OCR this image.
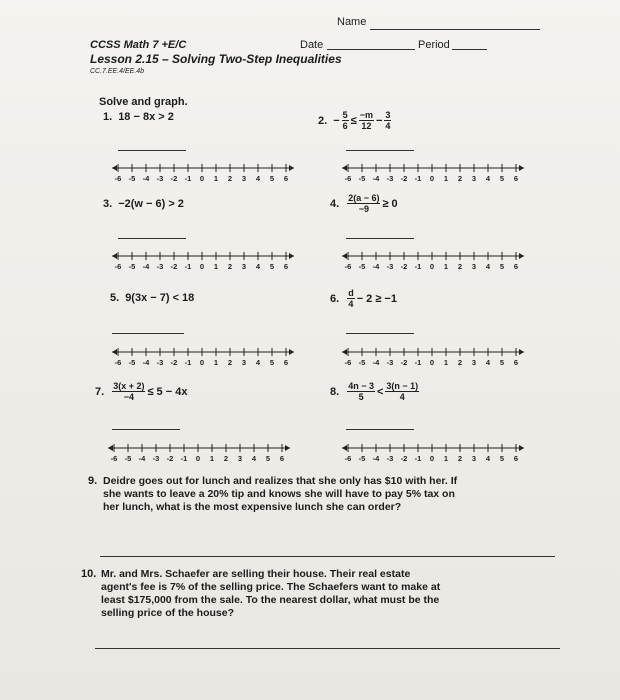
Name
CCSS Math 7 +E/C	Date	Period
Lesson 2.15 – Solving Two-Step Inequalities
CC.7.EE.4/EE.4b
Solve and graph.
1. 18 − 8x > 2	2. − $\frac{5}{6} \le \frac{-m}{12} - \frac{3}{4}$
3. −2(w − 6) > 2	4. $\frac{2(a - 6)}{-9} \ge 0$
5. 9(3x − 7) < 18	6. $\frac{d}{4} - 2 \ge -1$
7. $\frac{3(x + 2)}{-4} \le 5 - 4x$	8. $\frac{4n - 3}{5} < \frac{3(n - 1)}{4}$
-6 -5 -4 -3 -2 -1 0 1 2 3 4 5 6	-6 -5 -4 -3 -2 -1 0 1 2 3 4 5 6
-6 -5 -4 -3 -2 -1 0 1 2 3 4 5 6	-6 -5 -4 -3 -2 -1 0 1 2 3 4 5 6
-6 -5 -4 -3 -2 -1 0 1 2 3 4 5 6	-6 -5 -4 -3 -2 -1 0 1 2 3 4 5 6
-6 -5 -4 -3 -2 -1 0 1 2 3 4 5 6	-6 -5 -4 -3 -2 -1 0 1 2 3 4 5 6
9. Deidre goes out for lunch and realizes that she only has $10 with her. If she wants to leave a 20% tip and knows she will have to pay 5% tax on her lunch, what is the most expensive lunch she can order?
10. Mr. and Mrs. Schaefer are selling their house. Their real estate agent's fee is 7% of the selling price. The Schaefers want to make at least $175,000 from the sale. To the nearest dollar, what must be the selling price of the house?
